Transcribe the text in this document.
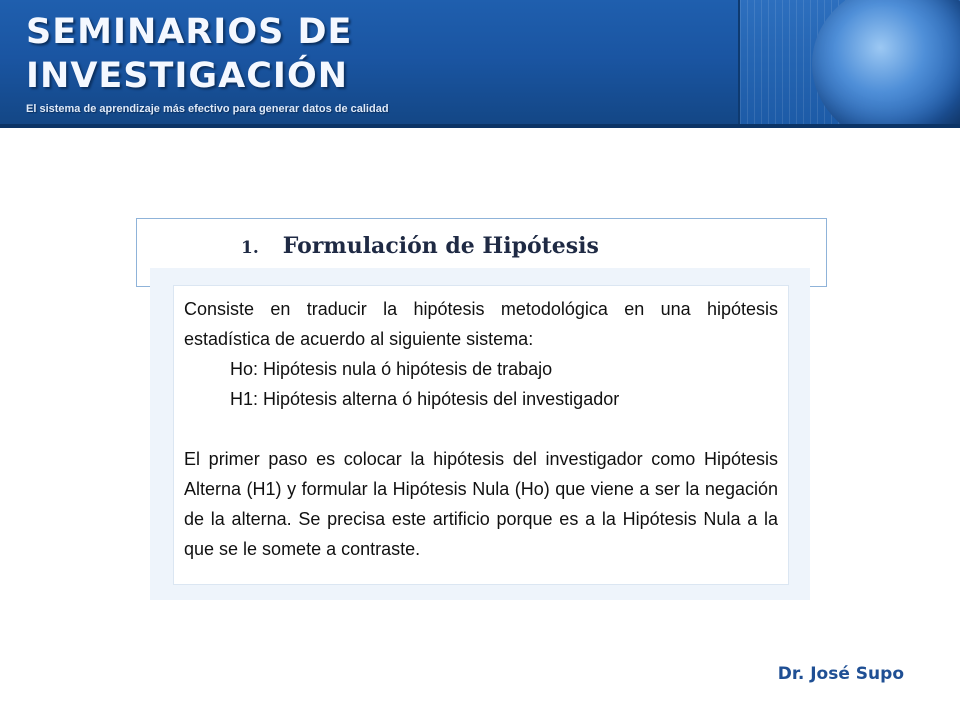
SEMINARIOS DE
INVESTIGACIÓN
El sistema de aprendizaje más efectivo para generar datos de calidad
1. Formulación de Hipótesis

Consiste en traducir la hipótesis metodológica en una hipótesis estadística de acuerdo al siguiente sistema:

Ho: Hipótesis nula ó hipótesis de trabajo

H1: Hipótesis alterna ó hipótesis del investigador

El primer paso es colocar la hipótesis del investigador como Hipótesis Alterna (H1) y formular la Hipótesis Nula (Ho) que viene a ser la negación de la alterna. Se precisa este artificio porque es a la Hipótesis Nula a la que se le somete a contraste.

Dr. José Supo
